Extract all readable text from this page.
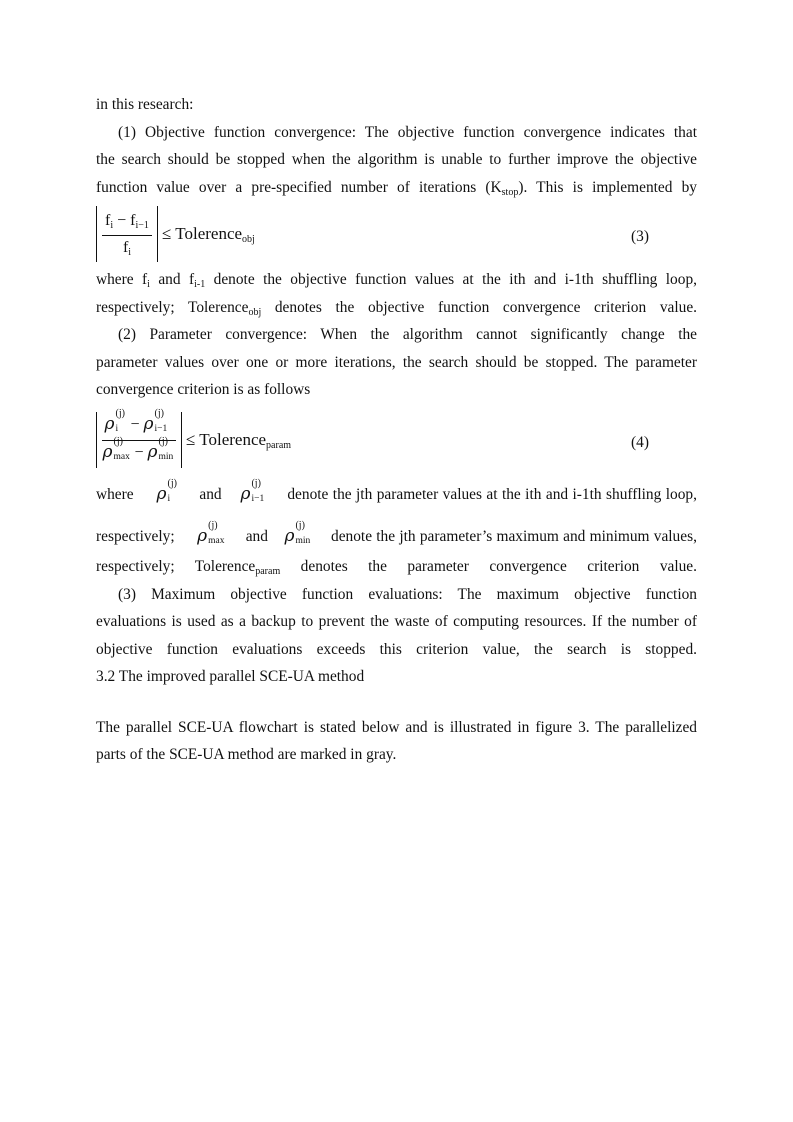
in this research:
(1) Objective function convergence: The objective function convergence indicates that
the search should be stopped when the algorithm is unable to further improve the objective
function value over a pre-specified number of iterations $(K_{stop})$. This is implemented by
$f_i - f_{i-1}$
$f_i$
≤ Tolerence$_{obj}$	(3)
where $f_i$ and $f_{i-1}$ denote the objective function values at the ith and i-1th shuffling loop,
respectively; Tolerence$_{obj}$ denotes the objective function convergence criterion value.
(2) Parameter convergence: When the algorithm cannot significantly change the
parameter values over one or more iterations, the search should be stopped. The parameter
convergence criterion is as follows
ρ
(j)
i − ρ
(j)
i−1
ρ
(j)
max − ρ
(j)
min
≤ Tolerence$_{param}$	(4)
where ρ
(j)
i and ρ
(j)
i−1 denote the jth parameter values at the ith and i-1th shuffling loop,
respectively; ρ
(j)
max and ρ
(j)
min denote the jth parameter’s maximum and minimum values,
respectively; Tolerence$_{param}$ denotes the parameter convergence criterion value.
(3) Maximum objective function evaluations: The maximum objective function
evaluations is used as a backup to prevent the waste of computing resources. If the number of
objective function evaluations exceeds this criterion value, the search is stopped.
3.2 The improved parallel SCE-UA method
The parallel SCE-UA flowchart is stated below and is illustrated in figure 3. The parallelized
parts of the SCE-UA method are marked in gray.
